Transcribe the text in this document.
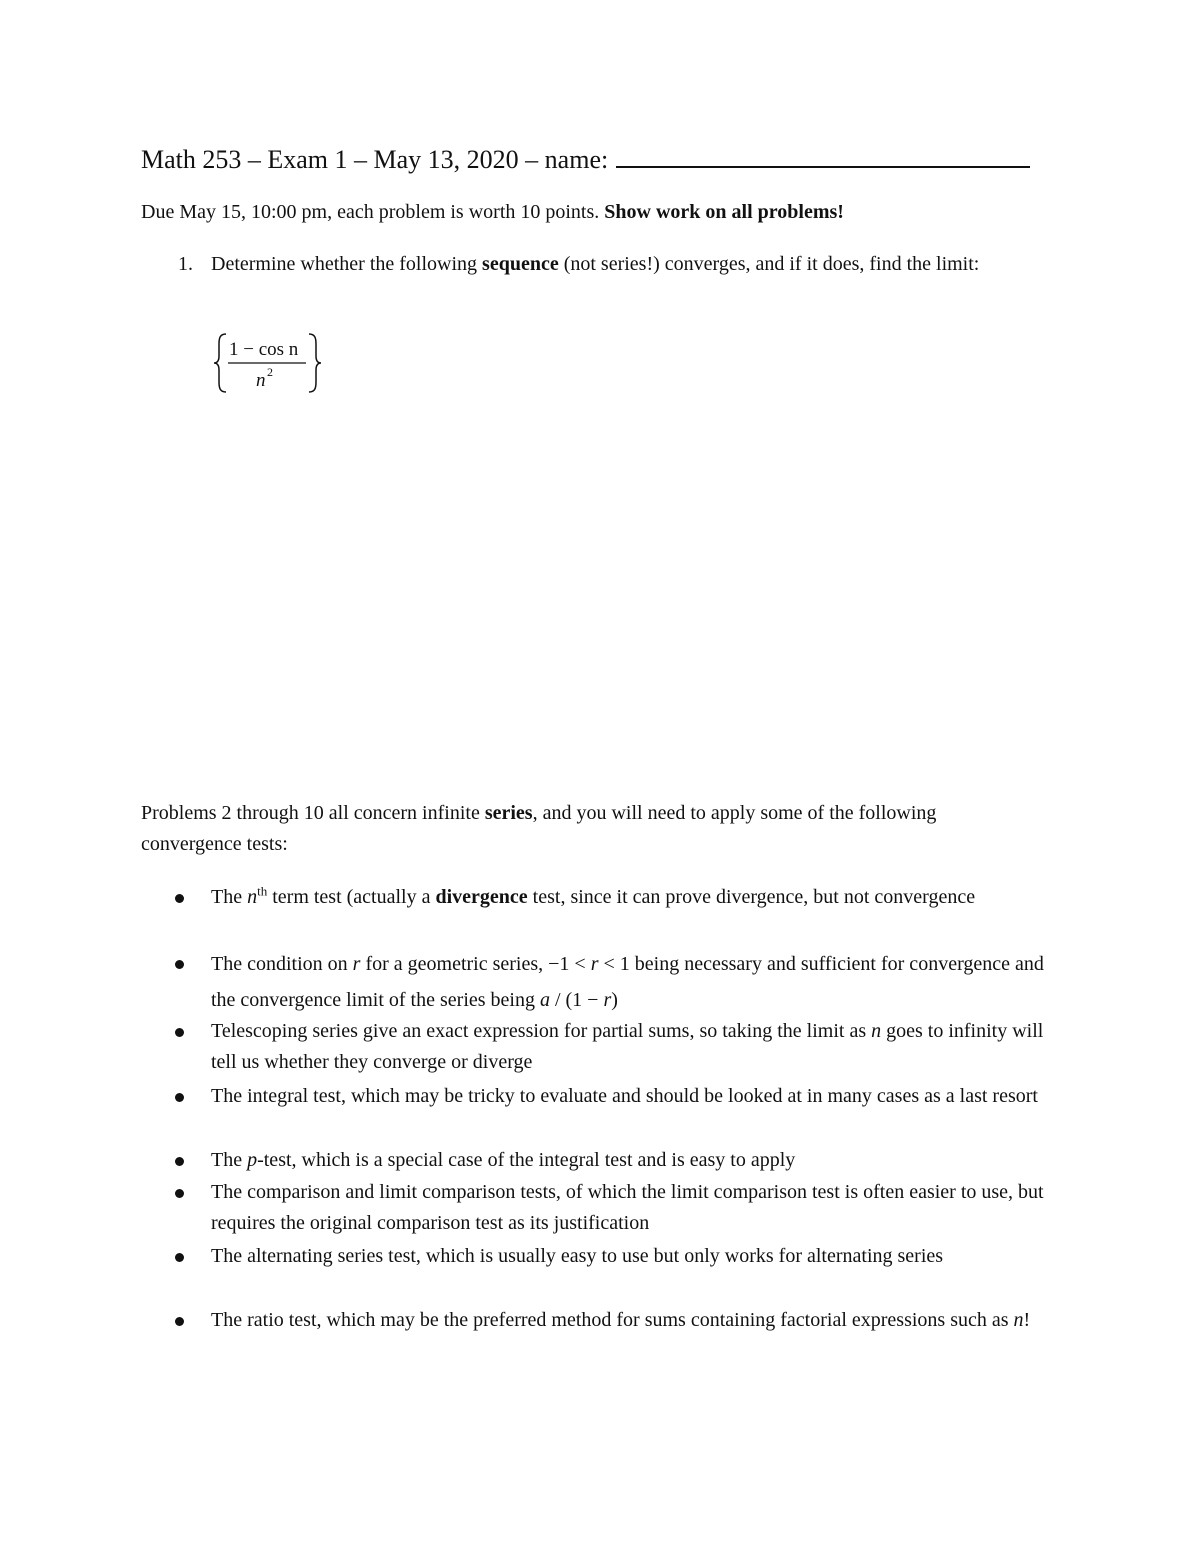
Math 253 – Exam 1 – May 13, 2020 – name:
Due May 15, 10:00 pm, each problem is worth 10 points. Show work on all problems!
1. Determine whether the following sequence (not series!) converges, and if it does, find the limit:
1 − cos n
n 2
Problems 2 through 10 all concern infinite series, and you will need to apply some of the following convergence tests:
The $n^{th}$ term test (actually a divergence test, since it can prove divergence, but not convergence
The condition on r for a geometric series, −1 < r < 1 being necessary and sufficient for convergence and the convergence limit of the series being a / (1 − r)
Telescoping series give an exact expression for partial sums, so taking the limit as n goes to infinity will tell us whether they converge or diverge
The integral test, which may be tricky to evaluate and should be looked at in many cases as a last resort
The p-test, which is a special case of the integral test and is easy to apply
The comparison and limit comparison tests, of which the limit comparison test is often easier to use, but requires the original comparison test as its justification
The alternating series test, which is usually easy to use but only works for alternating series
The ratio test, which may be the preferred method for sums containing factorial expressions such as n!
